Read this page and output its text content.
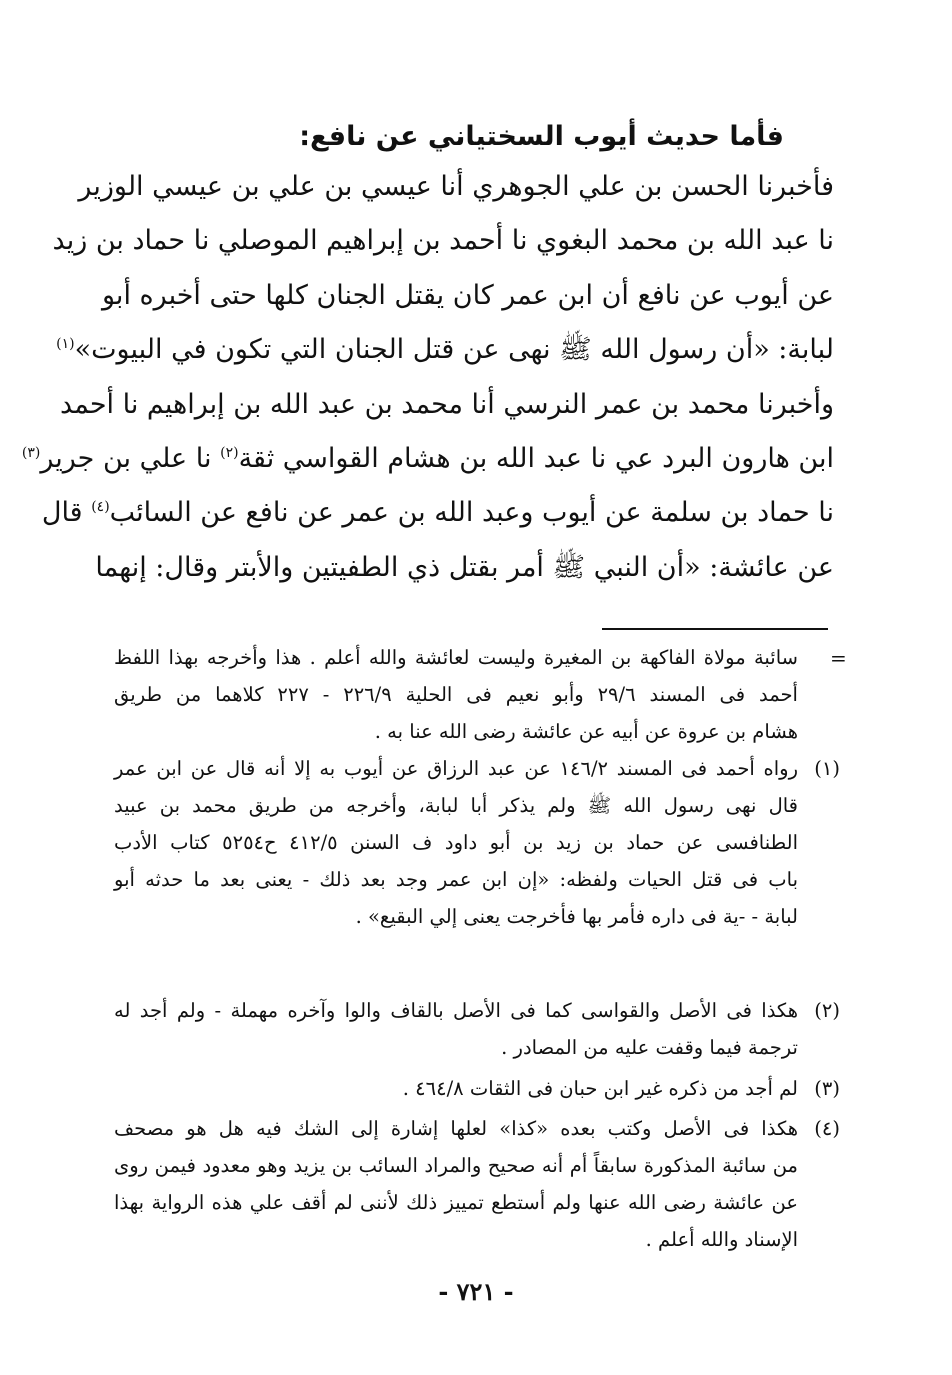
فأما حديث أيوب السختياني عن نافع:
فأخبرنا الحسن بن علي الجوهري أنا عيسي بن علي بن عيسي الوزير
نا عبد الله بن محمد البغوي نا أحمد بن إبراهيم الموصلي نا حماد بن زيد
عن أيوب عن نافع أن ابن عمر كان يقتل الجنان كلها حتى أخبره أبو
لبابة: «أن رسول الله ﷺ نهى عن قتل الجنان التي تكون في البيوت»$^{(١)}$
وأخبرنا محمد بن عمر النرسي أنا محمد بن عبد الله بن إبراهيم نا أحمد
ابن هارون البرد عي نا عبد الله بن هشام القواسي ثقة$^{(٢)}$ نا علي بن جرير$^{(٣)}$
نا حماد بن سلمة عن أيوب وعبد الله بن عمر عن نافع عن السائب$^{(٤)}$ قال
عن عائشة: «أن النبي ﷺ أمر بقتل ذي الطفيتين والأبتر وقال: إنهما
=
سائبة مولاة الفاكهة بن المغيرة وليست لعائشة والله أعلم . هذا وأخرجه بهذا اللفظ
أحمد فى المسند ٢٩/٦ وأبو نعيم فى الحلية ٢٢٦/٩ - ٢٢٧ كلاهما من طريق
هشام بن عروة عن أبيه عن عائشة رضى الله عنا به .
(١)رواه أحمد فى المسند ١٤٦/٢ عن عبد الرزاق عن أيوب به إلا أنه قال عن ابن عمر
قال نهى رسول الله ﷺ ولم يذكر أبا لبابة، وأخرجه من طريق محمد بن عبيد
الطنافسى عن حماد بن زيد بن أبو داود ف السنن ٤١٢/٥ ح٥٢٥٤ كتاب الأدب
باب فى قتل الحيات ولفظه: «إن ابن عمر وجد بعد ذلك - يعنى بعد ما حدثه أبو
لبابة - -ية فى داره فأمر بها فأخرجت يعنى إلي البقيع» .
(٢)هكذا فى الأصل والقواسى كما فى الأصل بالقاف والوا وآخره مهملة - ولم أجد له
ترجمة فيما وقفت عليه من المصادر .
(٣)لم أجد من ذكره غير ابن حبان فى الثقات ٤٦٤/٨ .
(٤)هكذا فى الأصل وكتب بعده «كذا» لعلها إشارة إلى الشك فيه هل هو مصحف
من سائبة المذكورة سابقاً أم أنه صحيح والمراد السائب بن يزيد وهو معدود فيمن روى
عن عائشة رضى الله عنها ولم أستطع تمييز ذلك لأننى لم أقف علي هذه الرواية بهذا
الإسناد والله أعلم .
- ٧٢١ -
